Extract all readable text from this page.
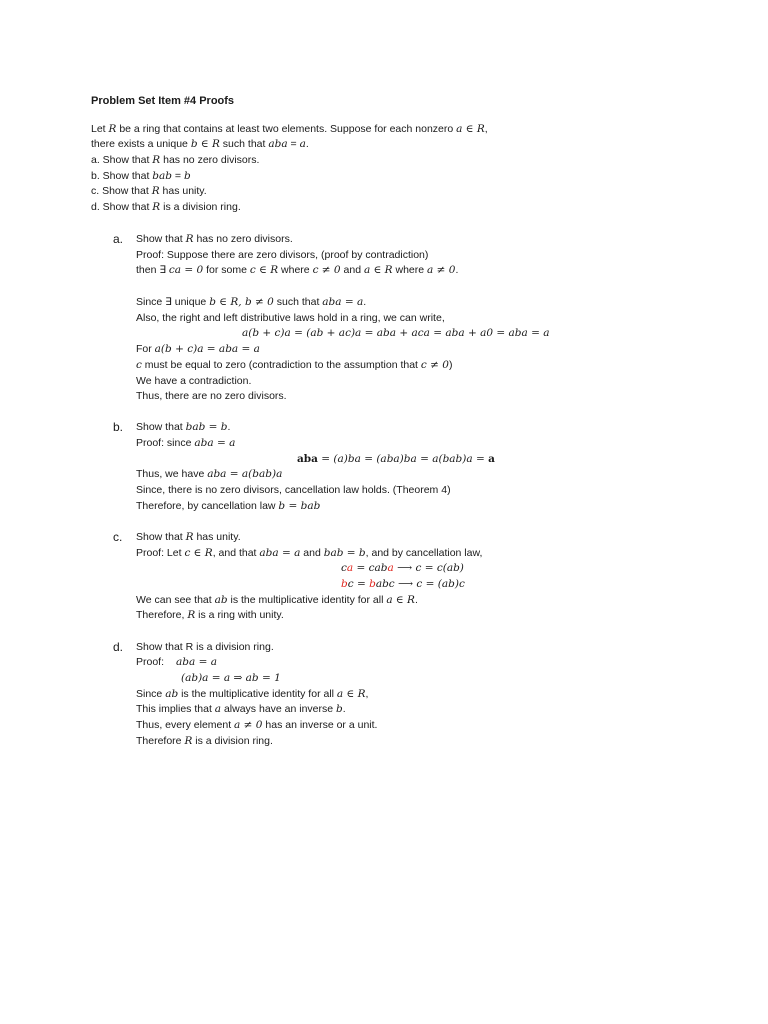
Problem Set Item #4 Proofs
Let R be a ring that contains at least two elements. Suppose for each nonzero a ∈ R,
there exists a unique b ∈ R such that aba = a.
a. Show that R has no zero divisors.
b. Show that bab = b
c. Show that R has unity.
d. Show that R is a division ring.
a. Show that R has no zero divisors.
Proof: Suppose there are zero divisors, (proof by contradiction)
then ∃ ca = 0 for some c ∈ R where c ≠ 0 and a ∈ R where a ≠ 0.
Since ∃ unique b ∈ R, b ≠ 0 such that aba = a.
Also, the right and left distributive laws hold in a ring, we can write,
a(b + c)a = (ab + ac)a = aba + aca = aba + a0 = aba = a
For a(b + c)a = aba = a
c must be equal to zero (contradiction to the assumption that c ≠ 0)
We have a contradiction.
Thus, there are no zero divisors.
b. Show that bab = b.
Proof: since aba = a
aba = (a)ba = (aba)ba = a(bab)a = a
Thus, we have aba = a(bab)a
Since, there is no zero divisors, cancellation law holds. (Theorem 4)
Therefore, by cancellation law b = bab
c. Show that R has unity.
Proof: Let c ∈ R, and that aba = a and bab = b, and by cancellation law,
ca = caba ⟶ c = c(ab)
bc = babc ⟶ c = (ab)c
We can see that ab is the multiplicative identity for all a ∈ R.
Therefore, R is a ring with unity.
d. Show that R is a division ring.
Proof: aba = a
(ab)a = a ⇒ ab = 1
Since ab is the multiplicative identity for all a ∈ R,
This implies that a always have an inverse b.
Thus, every element a ≠ 0 has an inverse or a unit.
Therefore R is a division ring.
